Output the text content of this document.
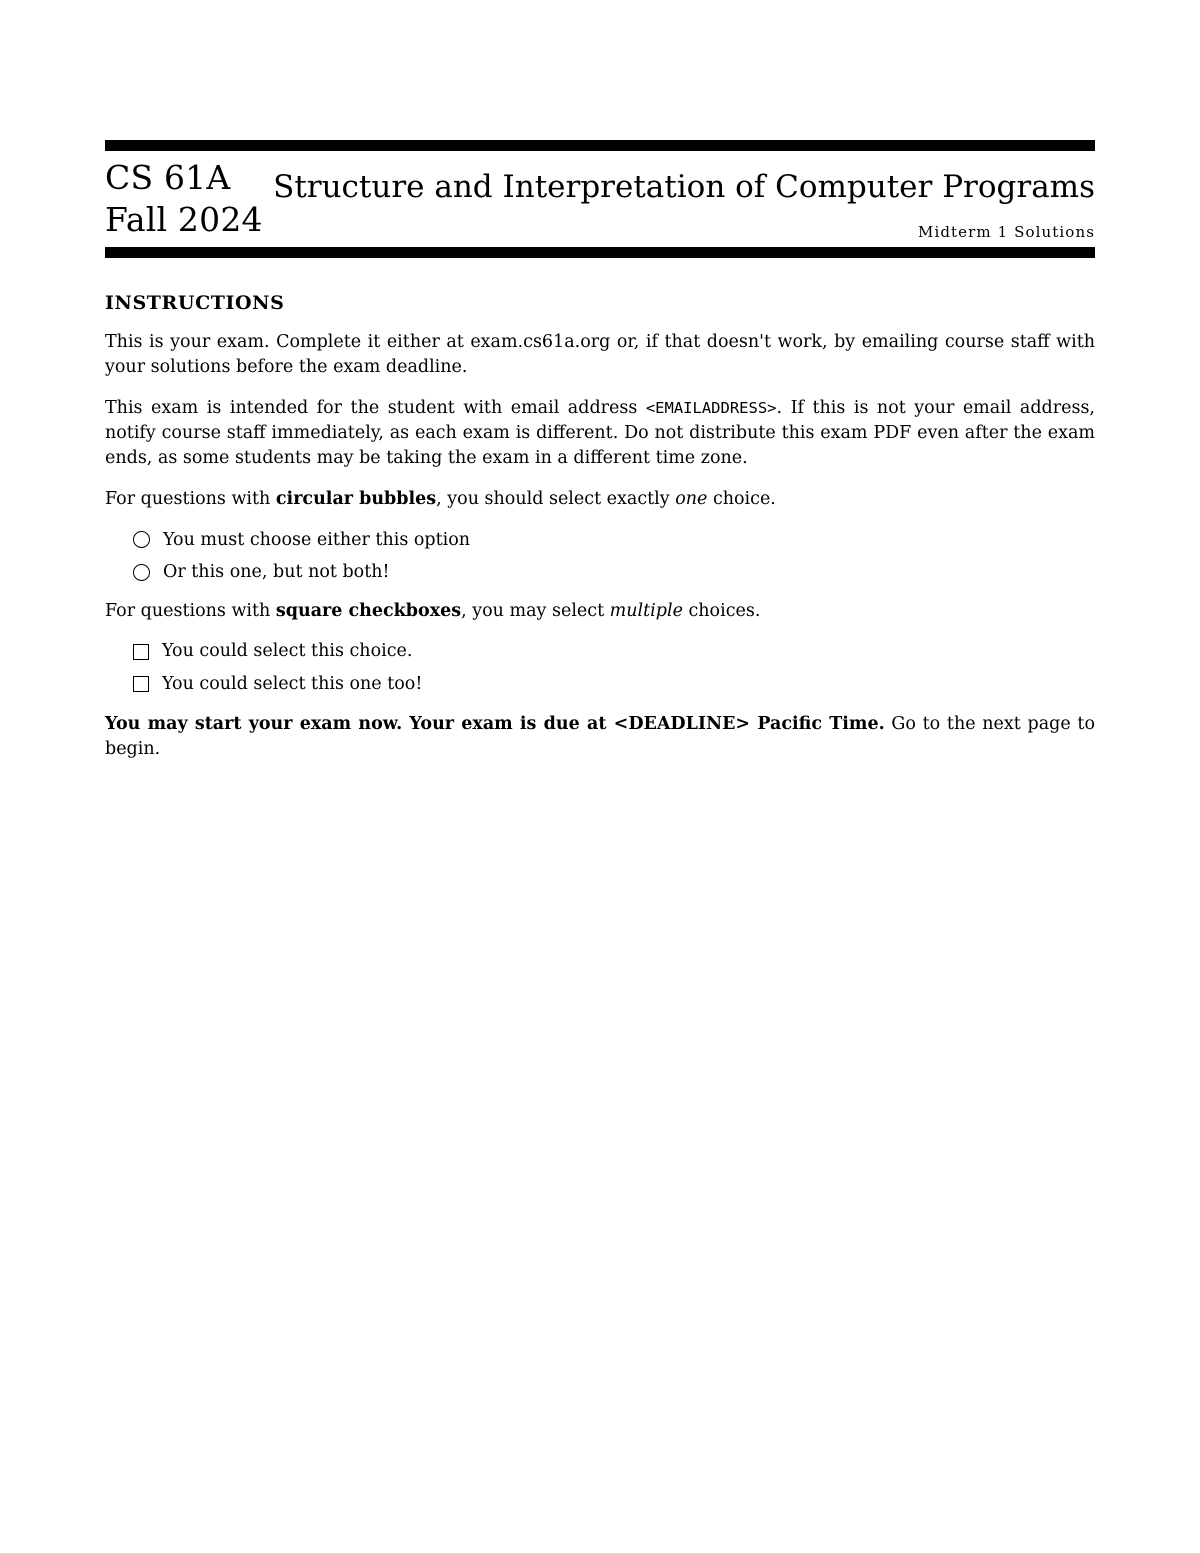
CS 61A
Fall 2024
Structure and Interpretation of Computer Programs
Midterm 1 Solutions
INSTRUCTIONS

This is your exam. Complete it either at exam.cs61a.org or, if that doesn't work, by emailing course staff with your solutions before the exam deadline.

This exam is intended for the student with email address <EMAILADDRESS>. If this is not your email address, notify course staff immediately, as each exam is different. Do not distribute this exam PDF even after the exam ends, as some students may be taking the exam in a different time zone.

For questions with circular bubbles, you should select exactly one choice.

You must choose either this option
Or this one, but not both!

For questions with square checkboxes, you may select multiple choices.

You could select this choice.
You could select this one too!

You may start your exam now. Your exam is due at <DEADLINE> Pacific Time. Go to the next page to begin.
